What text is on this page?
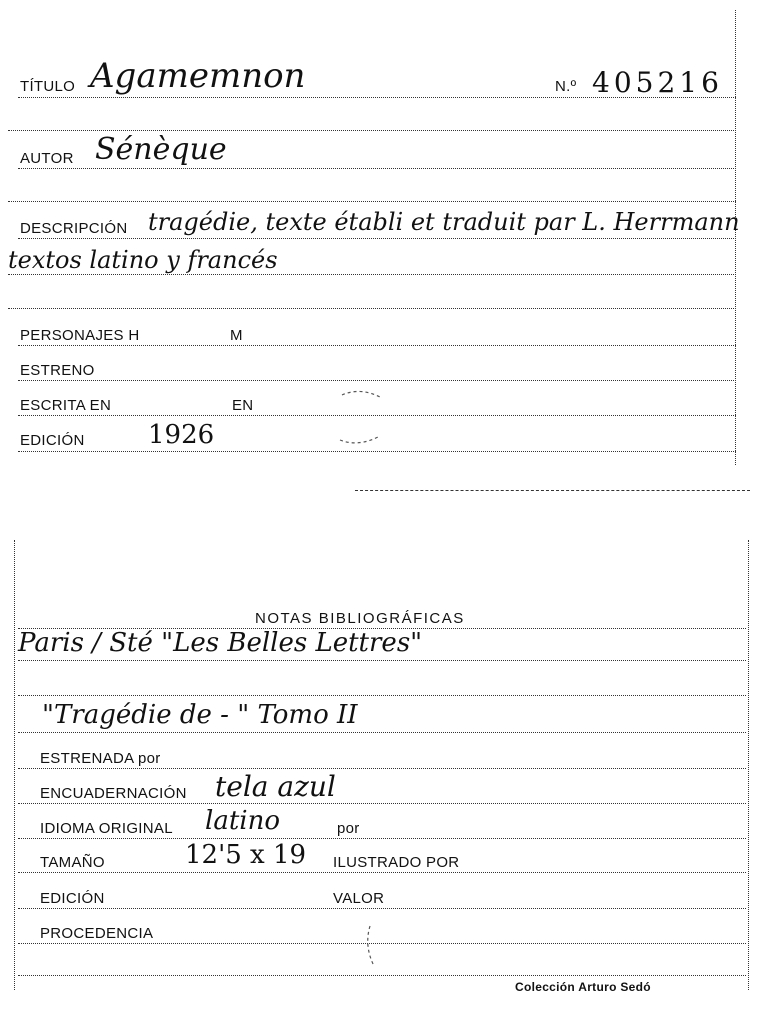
TÍTULO Agamemnon	N.º 405216
AUTOR Sénèque
DESCRIPCIÓN tragédie, texte établi et traduit par L. Herrmann
textos latino y francés
PERSONAJES H	M
ESTRENO
ESCRITA EN	EN
EDICIÓN 1926
NOTAS BIBLIOGRÁFICAS
Paris / Sté "Les Belles Lettres"
"Tragédie de - " Tomo II
ESTRENADA por
ENCUADERNACIÓN tela azul
IDIOMA ORIGINAL latino	por
TAMAÑO	12'5 x 19 ILUSTRADO POR
EDICIÓN	VALOR
PROCEDENCIA
Colección Arturo Sedó
